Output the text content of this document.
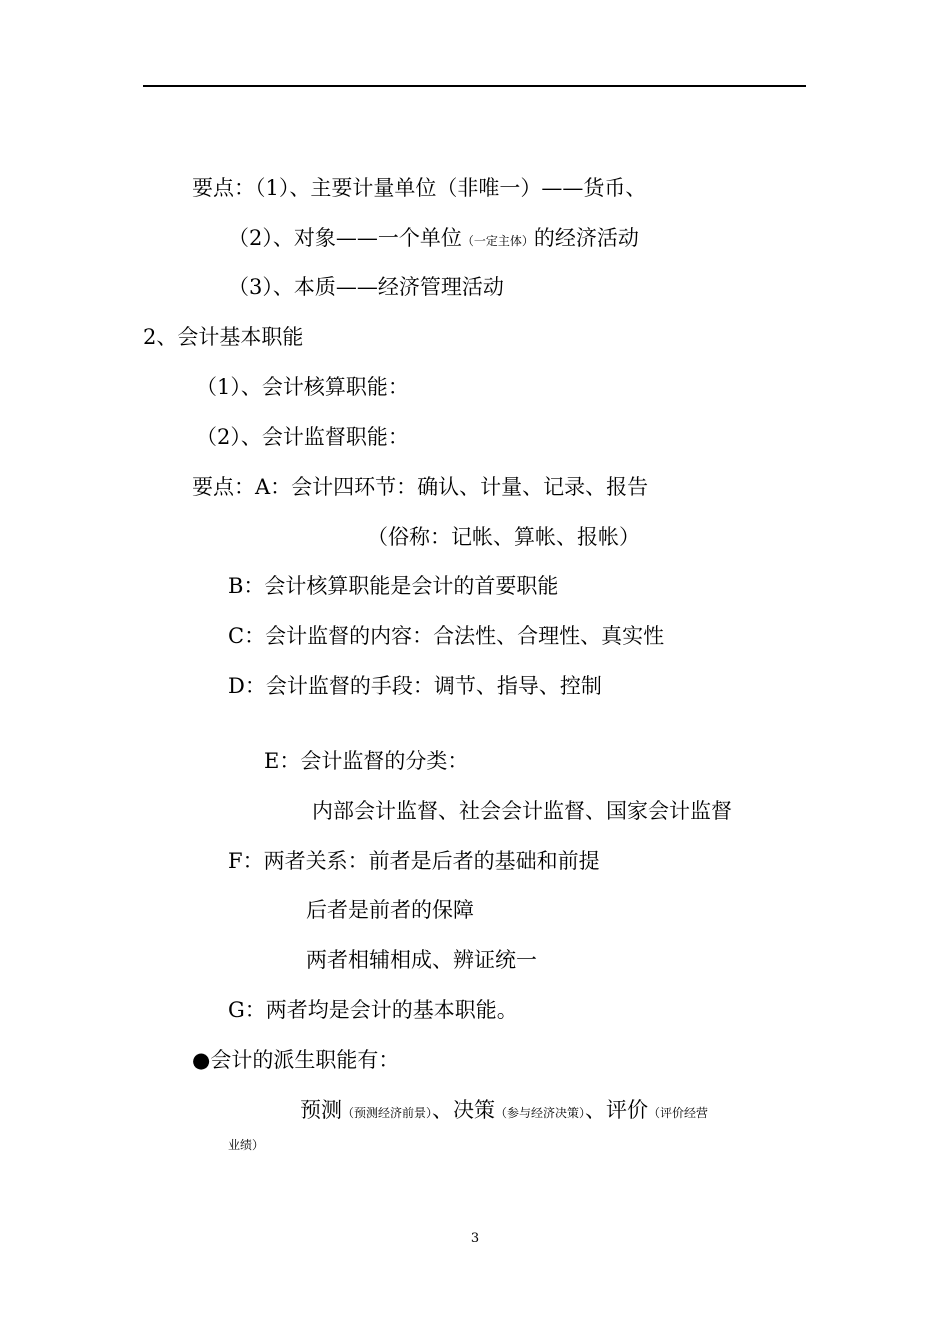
要点：（1）、主要计量单位（非唯一）——货币、
（2）、对象——一个单位（一定主体）的经济活动
（3）、本质——经济管理活动
2、会计基本职能
（1）、会计核算职能：
（2）、会计监督职能：
要点：A：会计四环节：确认、计量、记录、报告
（俗称：记帐、算帐、报帐）
B：会计核算职能是会计的首要职能
C：会计监督的内容：合法性、合理性、真实性
D：会计监督的手段：调节、指导、控制
E：会计监督的分类：
内部会计监督、社会会计监督、国家会计监督
F：两者关系：前者是后者的基础和前提
后者是前者的保障
两者相辅相成、辨证统一
G：两者均是会计的基本职能。
●会计的派生职能有：
预测（预测经济前景）、决策（参与经济决策）、评价（评价经营
业绩）
3
